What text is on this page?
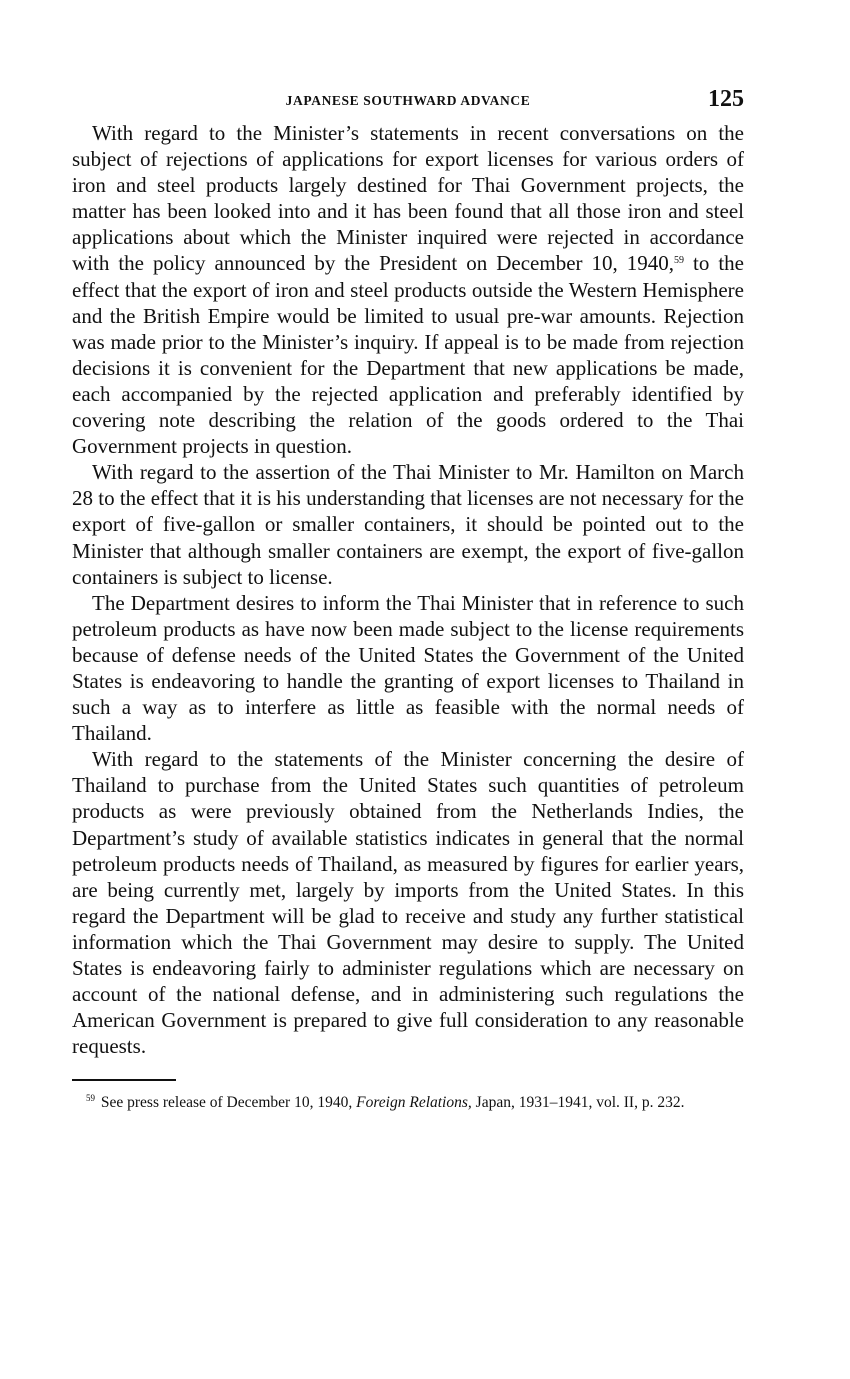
JAPANESE SOUTHWARD ADVANCE	125

With regard to the Minister’s statements in recent conversations on the subject of rejections of applications for export licenses for various orders of iron and steel products largely destined for Thai Government projects, the matter has been looked into and it has been found that all those iron and steel applications about which the Minister inquired were rejected in accordance with the policy announced by the President on December 10, 1940,59 to the effect that the export of iron and steel products outside the Western Hemisphere and the British Empire would be limited to usual pre-war amounts. Rejection was made prior to the Minister’s inquiry. If appeal is to be made from rejection decisions it is convenient for the Department that new applications be made, each accompanied by the rejected application and preferably identified by covering note describing the relation of the goods ordered to the Thai Government projects in question.

With regard to the assertion of the Thai Minister to Mr. Hamilton on March 28 to the effect that it is his understanding that licenses are not necessary for the export of five-gallon or smaller containers, it should be pointed out to the Minister that although smaller containers are exempt, the export of five-gallon containers is subject to license.

The Department desires to inform the Thai Minister that in reference to such petroleum products as have now been made subject to the license requirements because of defense needs of the United States the Government of the United States is endeavoring to handle the granting of export licenses to Thailand in such a way as to interfere as little as feasible with the normal needs of Thailand.

With regard to the statements of the Minister concerning the desire of Thailand to purchase from the United States such quantities of petroleum products as were previously obtained from the Netherlands Indies, the Department’s study of available statistics indicates in general that the normal petroleum products needs of Thailand, as measured by figures for earlier years, are being currently met, largely by imports from the United States. In this regard the Department will be glad to receive and study any further statistical information which the Thai Government may desire to supply. The United States is endeavoring fairly to administer regulations which are necessary on account of the national defense, and in administering such regulations the American Government is prepared to give full consideration to any reasonable requests.

$^{59}$ See press release of December 10, 1940, Foreign Relations, Japan, 1931–1941, vol. II, p. 232.
